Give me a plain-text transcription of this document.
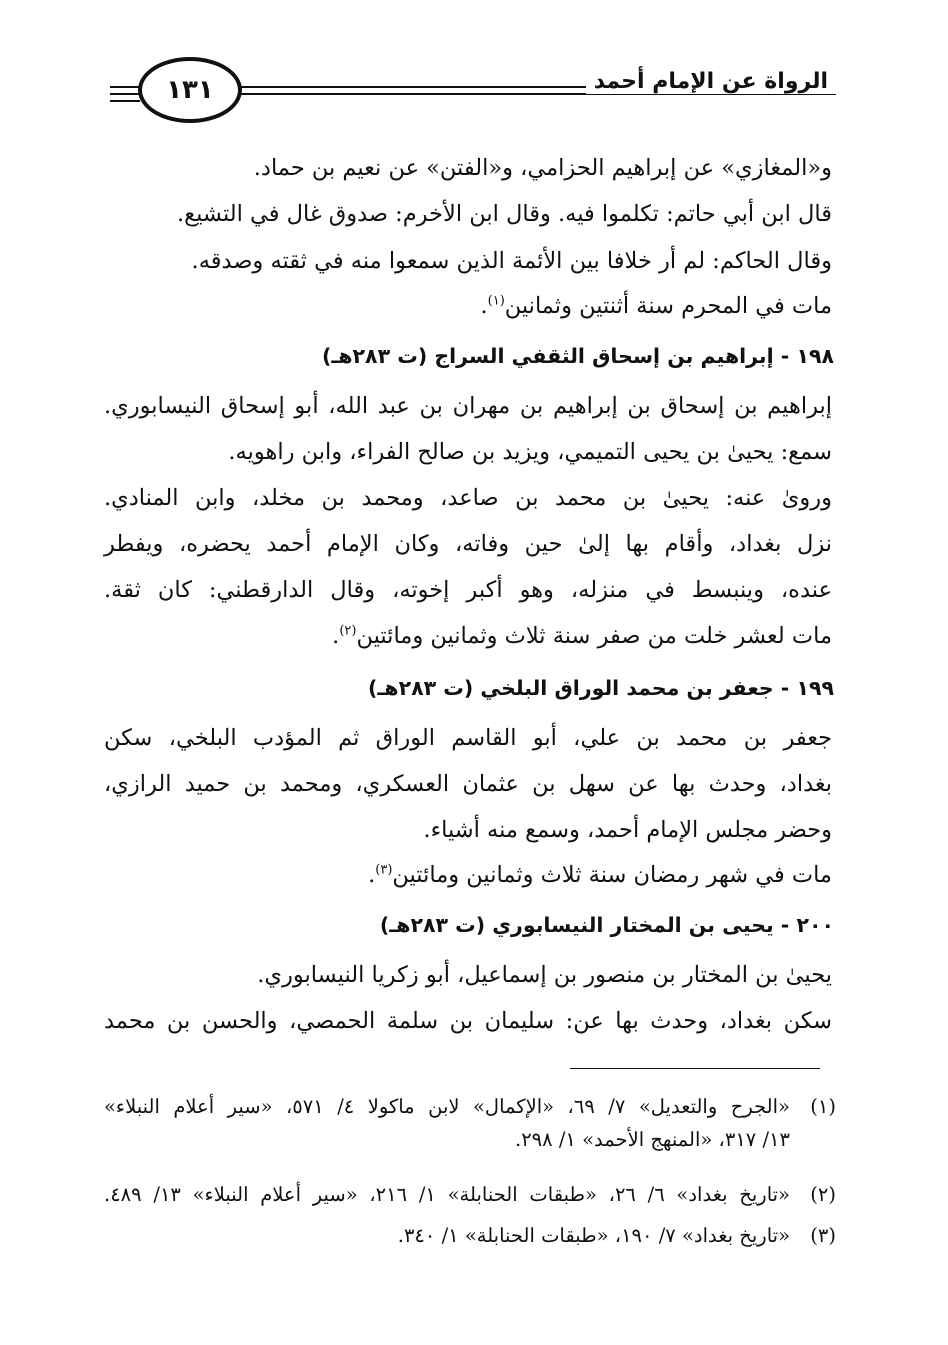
الرواة عن الإمام أحمد
١٣١
و«المغازي» عن إبراهيم الحزامي، و«الفتن» عن نعيم بن حماد.
قال ابن أبي حاتم: تكلموا فيه. وقال ابن الأخرم: صدوق غال في التشيع.
وقال الحاكم: لم أر خلافا بين الأئمة الذين سمعوا منه في ثقته وصدقه.
مات في المحرم سنة أثنتين وثمانين$^{(١)}$.
١٩٨ - إبراهيم بن إسحاق الثقفي السراج (ت ٢٨٣هـ)
إبراهيم بن إسحاق بن إبراهيم بن مهران بن عبد الله، أبو إسحاق النيسابوري.
سمع: يحيىٰ بن يحيى التميمي، ويزيد بن صالح الفراء، وابن راهويه.
وروىٰ عنه: يحيىٰ بن محمد بن صاعد، ومحمد بن مخلد، وابن المنادي.
نزل بغداد، وأقام بها إلىٰ حين وفاته، وكان الإمام أحمد يحضره، ويفطر
عنده، وينبسط في منزله، وهو أكبر إخوته، وقال الدارقطني: كان ثقة.
مات لعشر خلت من صفر سنة ثلاث وثمانين ومائتين$^{(٢)}$.
١٩٩ - جعفر بن محمد الوراق البلخي (ت ٢٨٣هـ)
جعفر بن محمد بن علي، أبو القاسم الوراق ثم المؤدب البلخي، سكن
بغداد، وحدث بها عن سهل بن عثمان العسكري، ومحمد بن حميد الرازي،
وحضر مجلس الإمام أحمد، وسمع منه أشياء.
مات في شهر رمضان سنة ثلاث وثمانين ومائتين$^{(٣)}$.
٢٠٠ - يحيى بن المختار النيسابوري (ت ٢٨٣هـ)
يحيىٰ بن المختار بن منصور بن إسماعيل، أبو زكريا النيسابوري.
سكن بغداد، وحدث بها عن: سليمان بن سلمة الحمصي، والحسن بن محمد
(١)
«الجرح والتعديل» ٧/ ٦٩، «الإكمال» لابن ماكولا ٤/ ٥٧١، «سير أعلام النبلاء»
١٣/ ٣١٧، «المنهج الأحمد» ١/ ٢٩٨.
(٢)
«تاريخ بغداد» ٦/ ٢٦، «طبقات الحنابلة» ١/ ٢١٦، «سير أعلام النبلاء» ١٣/ ٤٨٩.
(٣)
«تاريخ بغداد» ٧/ ١٩٠، «طبقات الحنابلة» ١/ ٣٤٠.
